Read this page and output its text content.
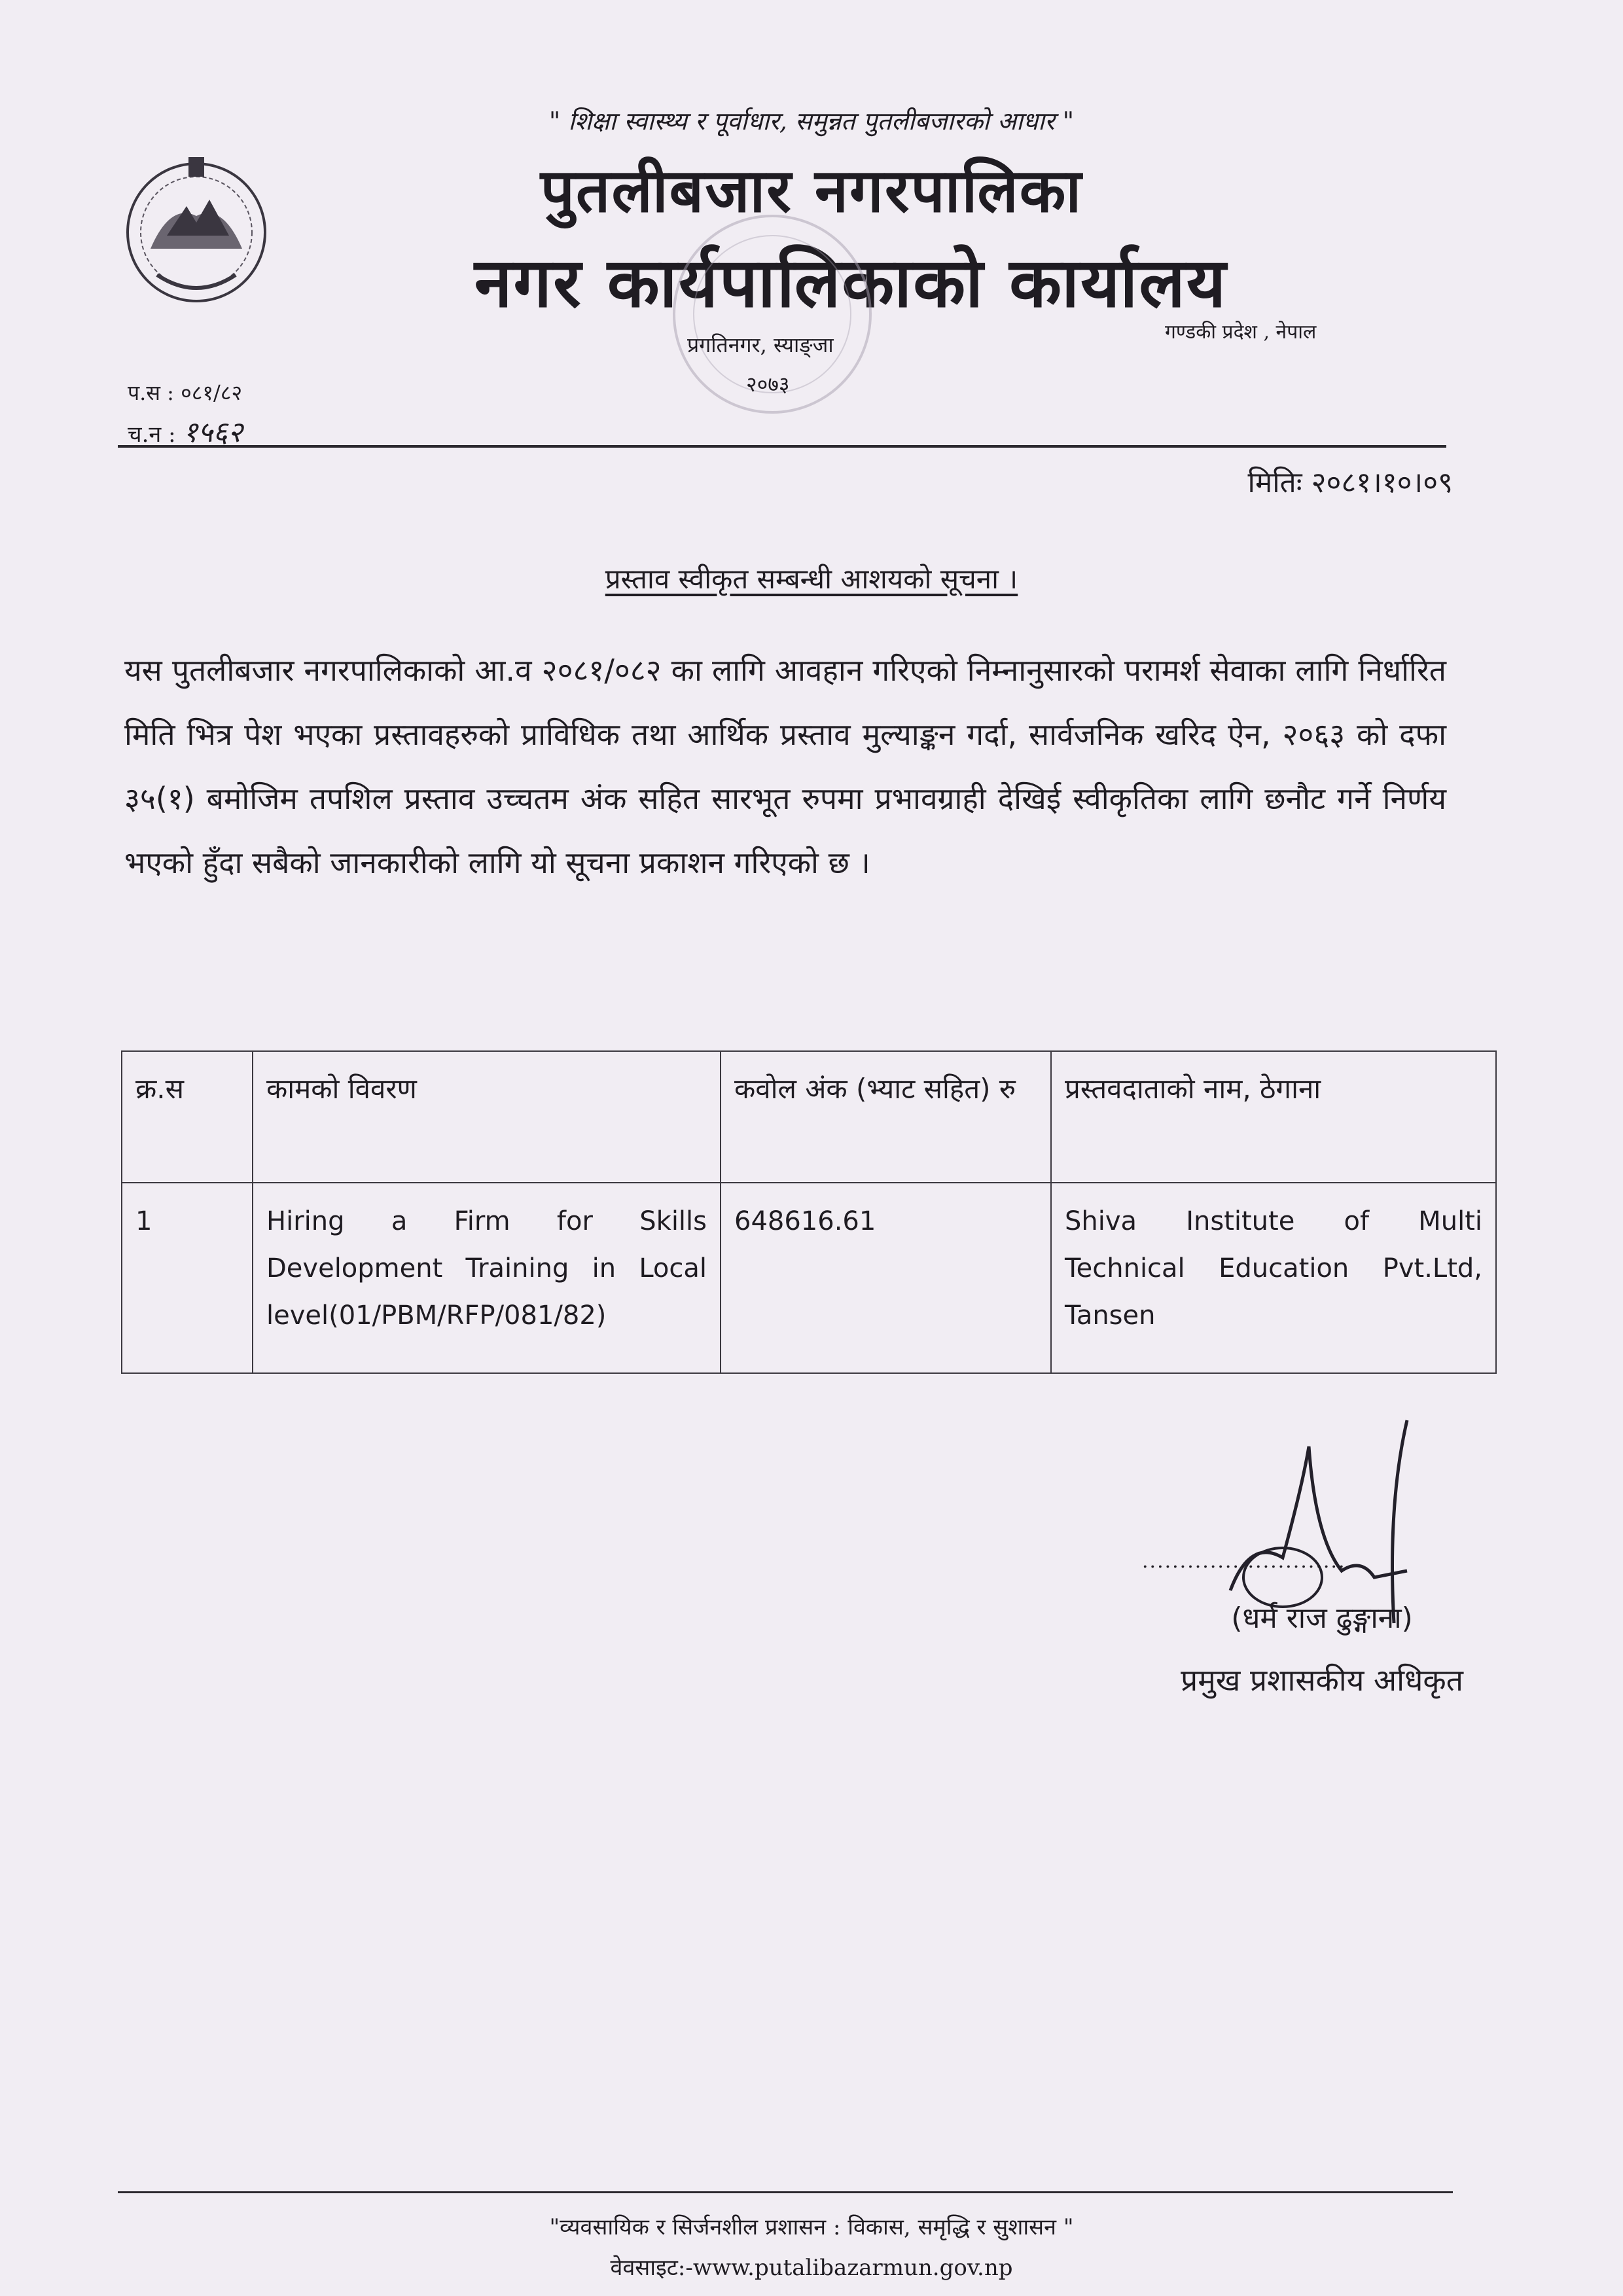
" शिक्षा स्वास्थ्य र पूर्वाधार, समुन्नत पुतलीबजारको आधार "
पुतलीबजार नगरपालिका
नगर कार्यपालिकाको कार्यालय
गण्डकी प्रदेश , नेपाल
प्रगतिनगर, स्याङ्जा
२०७३
प.स : ०८१/८२
च.न : १५६२
मितिः २०८१।१०।०९
प्रस्ताव स्वीकृत सम्बन्धी आशयको सूचना ।
यस पुतलीबजार नगरपालिकाको आ.व २०८१/०८२ का लागि आवहान गरिएको निम्नानुसारको परामर्श सेवाका लागि निर्धारित मिति भित्र पेश भएका प्रस्तावहरुको प्राविधिक तथा आर्थिक प्रस्ताव मुल्याङ्कन गर्दा, सार्वजनिक खरिद ऐन, २०६३ को दफा ३५(१) बमोजिम तपशिल प्रस्ताव उच्चतम अंक सहित सारभूत रुपमा प्रभावग्राही देखिई स्वीकृतिका लागि छनौट गर्ने निर्णय भएको हुँदा सबैको जानकारीको लागि यो सूचना प्रकाशन गरिएको छ ।
क्र.स	कामको विवरण	कवोल अंक (भ्याट सहित) रु	प्रस्तवदाताको नाम, ठेगाना
1	Hiring a Firm for Skills Development Training in Local level(01/PBM/RFP/081/82)	648616.61	Shiva Institute of Multi Technical Education Pvt.Ltd, Tansen
...........................
(धर्म राज ढुङ्गाना)
प्रमुख प्रशासकीय अधिकृत
"व्यवसायिक र सिर्जनशील प्रशासन : विकास, समृद्धि र सुशासन "
वेवसाइट:-www.putalibazarmun.gov.np
